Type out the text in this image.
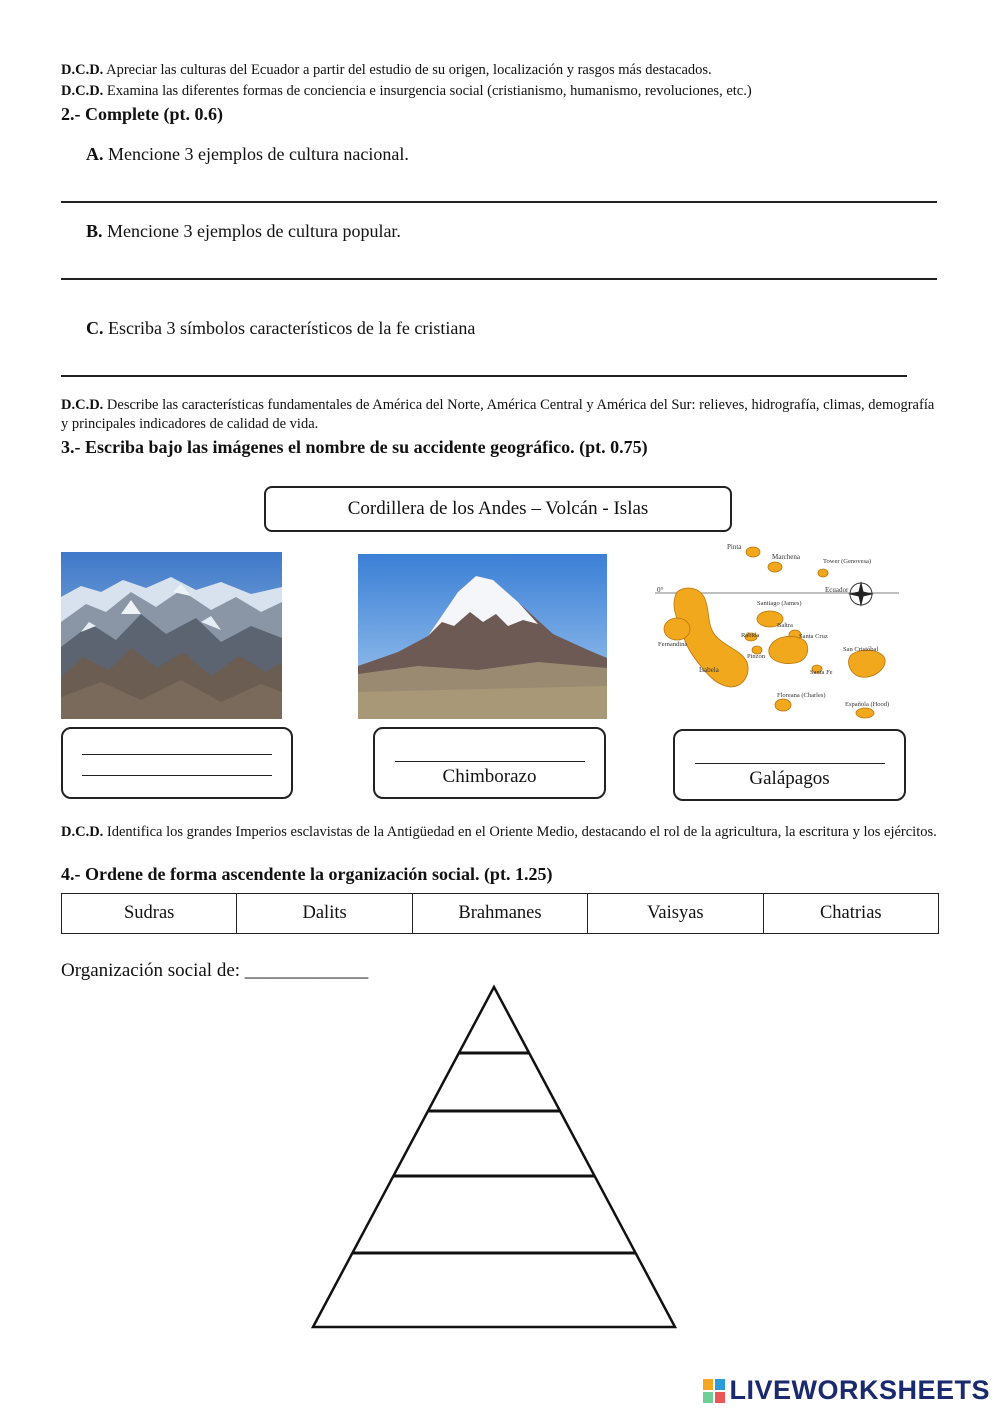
D.C.D. Apreciar las culturas del Ecuador a partir del estudio de su origen, localización y rasgos más destacados.
D.C.D. Examina las diferentes formas de conciencia e insurgencia social (cristianismo, humanismo, revoluciones, etc.)
2.- Complete (pt. 0.6)
A. Mencione 3 ejemplos de cultura nacional.
B. Mencione 3 ejemplos de cultura popular.
C. Escriba 3 símbolos característicos de la fe cristiana
D.C.D. Describe las características fundamentales de América del Norte, América Central y América del Sur: relieves, hidrografía, climas, demografía y principales indicadores de calidad de vida.
3.- Escriba bajo las imágenes el nombre de su accidente geográfico. (pt. 0.75)
Cordillera de los Andes – Volcán - Islas
0°	Ecuador
Pinta
Marchena
Tower (Genovesa)
Santiago (James)
Baltra
Rábida	Santa Cruz
Pinzón
Fernandina
Isabela
San Cristóbal
Santa Fe
Floreana (Charles)
Española (Hood)
Chimborazo	Galápagos
D.C.D. Identifica los grandes Imperios esclavistas de la Antigüedad en el Oriente Medio, destacando el rol de la agricultura, la escritura y los ejércitos.
4.- Ordene de forma ascendente la organización social. (pt. 1.25)
Sudras	Dalits	Brahmanes	Vaisyas	Chatrias
Organización social de: _____________
LIVEWORKSHEETS
